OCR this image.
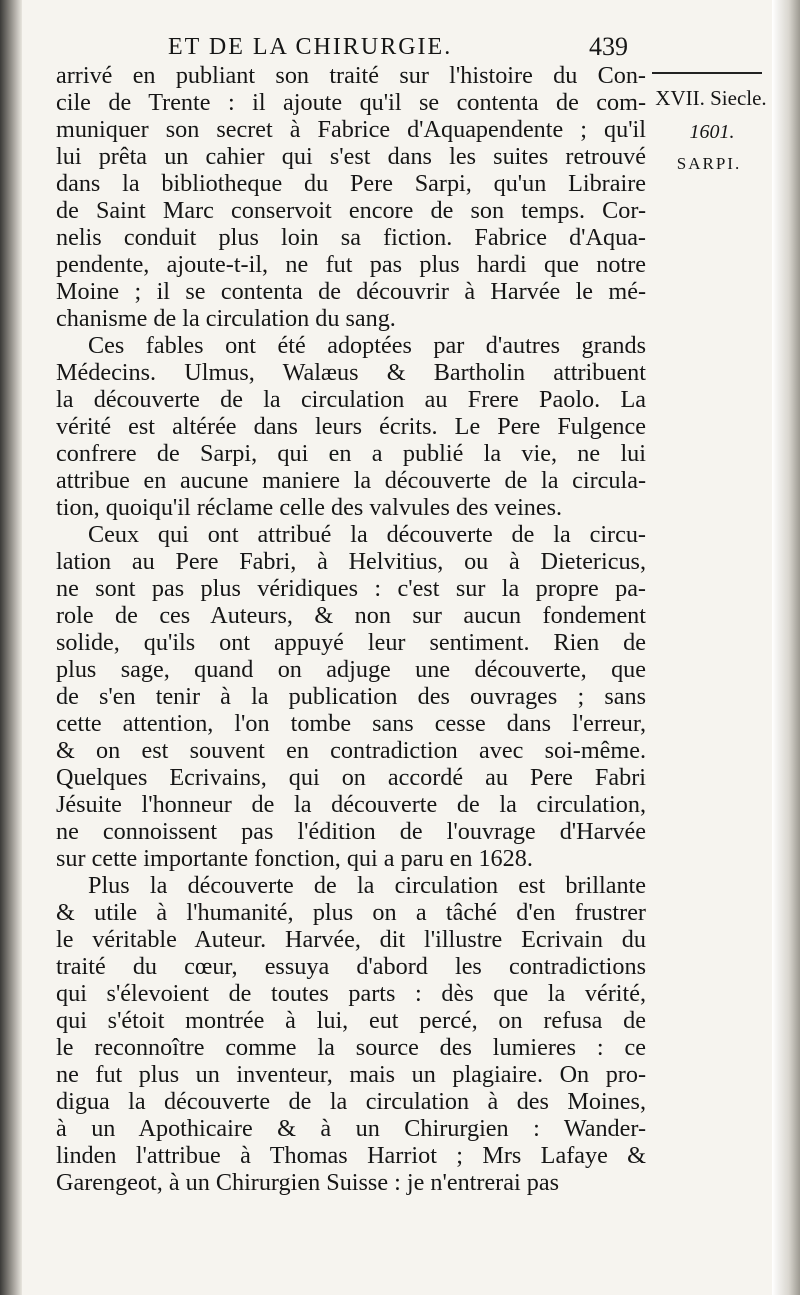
ET DE LA CHIRURGIE.	439
XVII. Siecle.
1601.
SARPI.
arrivé en publiant son traité sur l'histoire du Con-
cile de Trente : il ajoute qu'il se contenta de com-
muniquer son secret à Fabrice d'Aquapendente ; qu'il
lui prêta un cahier qui s'est dans les suites retrouvé
dans la bibliotheque du Pere Sarpi, qu'un Libraire
de Saint Marc conservoit encore de son temps. Cor-
nelis conduit plus loin sa fiction. Fabrice d'Aqua-
pendente, ajoute-t-il, ne fut pas plus hardi que notre
Moine ; il se contenta de découvrir à Harvée le mé-
chanisme de la circulation du sang.
Ces fables ont été adoptées par d'autres grands
Médecins. Ulmus, Walæus & Bartholin attribuent
la découverte de la circulation au Frere Paolo. La
vérité est altérée dans leurs écrits. Le Pere Fulgence
confrere de Sarpi, qui en a publié la vie, ne lui
attribue en aucune maniere la découverte de la circula-
tion, quoiqu'il réclame celle des valvules des veines.
Ceux qui ont attribué la découverte de la circu-
lation au Pere Fabri, à Helvitius, ou à Dietericus,
ne sont pas plus véridiques : c'est sur la propre pa-
role de ces Auteurs, & non sur aucun fondement
solide, qu'ils ont appuyé leur sentiment. Rien de
plus sage, quand on adjuge une découverte, que
de s'en tenir à la publication des ouvrages ; sans
cette attention, l'on tombe sans cesse dans l'erreur,
& on est souvent en contradiction avec soi-même.
Quelques Ecrivains, qui on accordé au Pere Fabri
Jésuite l'honneur de la découverte de la circulation,
ne connoissent pas l'édition de l'ouvrage d'Harvée
sur cette importante fonction, qui a paru en 1628.
Plus la découverte de la circulation est brillante
& utile à l'humanité, plus on a tâché d'en frustrer
le véritable Auteur. Harvée, dit l'illustre Ecrivain du
traité du cœur, essuya d'abord les contradictions
qui s'élevoient de toutes parts : dès que la vérité,
qui s'étoit montrée à lui, eut percé, on refusa de
le reconnoître comme la source des lumieres : ce
ne fut plus un inventeur, mais un plagiaire. On pro-
digua la découverte de la circulation à des Moines,
à un Apothicaire & à un Chirurgien : Wander-
linden l'attribue à Thomas Harriot ; Mrs Lafaye &
Garengeot, à un Chirurgien Suisse : je n'entrerai pas
